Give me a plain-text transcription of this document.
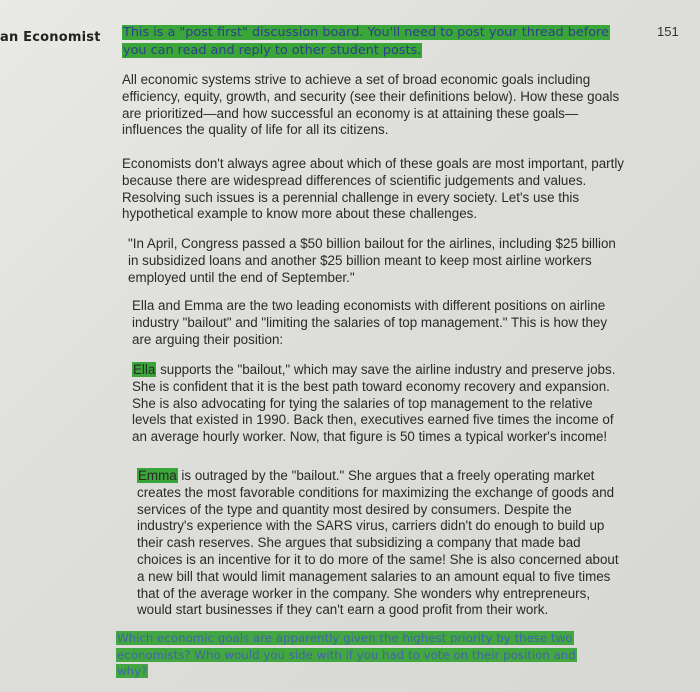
an Economist	151
This is a "post first" discussion board. You'll need to post your thread before you can read and reply to other student posts.

All economic systems strive to achieve a set of broad economic goals including efficiency, equity, growth, and security (see their definitions below). How these goals are prioritized—and how successful an economy is at attaining these goals—influences the quality of life for all its citizens.

Economists don't always agree about which of these goals are most important, partly because there are widespread differences of scientific judgements and values. Resolving such issues is a perennial challenge in every society. Let's use this hypothetical example to know more about these challenges.

"In April, Congress passed a $50 billion bailout for the airlines, including $25 billion in subsidized loans and another $25 billion meant to keep most airline workers employed until the end of September."

Ella and Emma are the two leading economists with different positions on airline industry "bailout" and "limiting the salaries of top management." This is how they are arguing their position:

Ella supports the "bailout," which may save the airline industry and preserve jobs. She is confident that it is the best path toward economy recovery and expansion. She is also advocating for tying the salaries of top management to the relative levels that existed in 1990. Back then, executives earned five times the income of an average hourly worker. Now, that figure is 50 times a typical worker's income!

Emma is outraged by the "bailout." She argues that a freely operating market creates the most favorable conditions for maximizing the exchange of goods and services of the type and quantity most desired by consumers. Despite the industry's experience with the SARS virus, carriers didn't do enough to build up their cash reserves. She argues that subsidizing a company that made bad choices is an incentive for it to do more of the same! She is also concerned about a new bill that would limit management salaries to an amount equal to five times that of the average worker in the company. She wonders why entrepreneurs, would start businesses if they can't earn a good profit from their work.

Which economic goals are apparently given the highest priority by these two economists? Who would you side with if you had to vote on their position and why?
